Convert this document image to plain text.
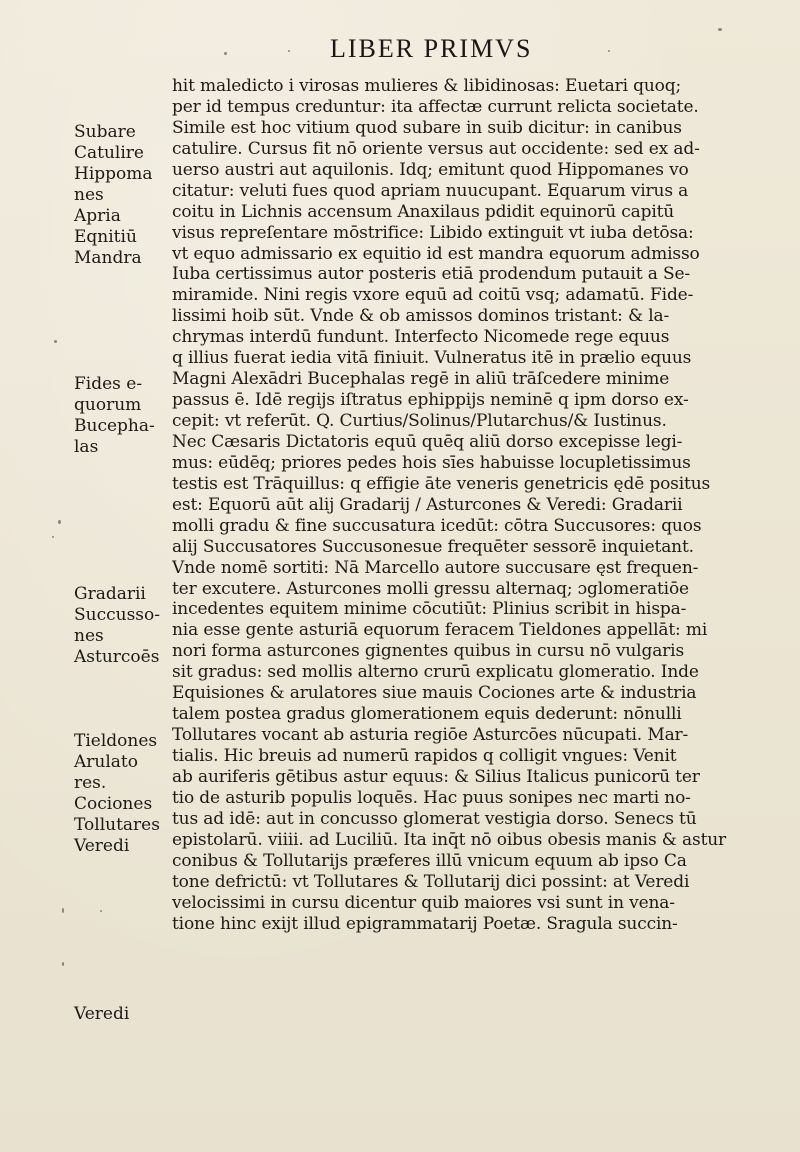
LIBER PRIMVS
hit maledicto i virosas mulieres & libidinosas: Euetari quoq;
per id tempus creduntur: ita affectæ currunt relicta societate.
Simile est hoc vitium quod subare in suib dicitur: in canibus
catulire. Cursus fit nō oriente versus aut occidente: sed ex ad-
uerso austri aut aquilonis. Idq; emitunt quod Hippomanes vo
citatur: veluti fues quod apriam nuucupant. Equarum virus a
coitu in Lichnis accensum Anaxilaus pdidit equinorū capitū
visus repreſentare mōstrifice: Libido extinguit vt iuba detōsa:
vt equo admissario ex equitio id est mandra equorum admisso
Iuba certissimus autor posteris etiā prodendum putauit a Se-
miramide. Nini regis vxore equū ad coitū vsq; adamatū. Fide-
lissimi hoib sūt. Vnde & ob amissos dominos tristant: & la-
chrymas interdū fundunt. Interfecto Nicomede rege equus
q illius fuerat iedia vitā finiuit. Vulneratus itē in prælio equus
Magni Alexādri Bucephalas regē in aliū trāſcedere minime
passus ē. Idē regijs iſtratus ephippijs neminē q ipm dorso ex-
cepit: vt referūt. Q. Curtius/Solinus/Plutarchus/& Iustinus.
Nec Cæsaris Dictatoris equū quēq aliū dorso excepisse legi-
mus: eūdēq; priores pedes hois sīes habuisse locupletissimus
testis est Trāquillus: q effigie āte veneris genetricis ędē positus
est: Equorū aūt alij Gradarij / Asturcones & Veredi: Gradarii
molli gradu & fine succusatura icedūt: cōtra Succusores: quos
alij Succusatores Succusonesue frequēter sessorē inquietant.
Vnde nomē sortiti: Nā Marcello autore succusare ęst frequen-
ter excutere. Asturcones molli gressu alternaq; ɔglomeratiōe
incedentes equitem minime cōcutiūt: Plinius scribit in hispa-
nia esse gente asturiā equorum feracem Tieldones appellāt: mi
nori forma asturcones gignentes quibus in cursu nō vulgaris
sit gradus: sed mollis alterno crurū explicatu glomeratio. Inde
Equisiones & arulatores siue mauis Cociones arte & industria
talem postea gradus glomerationem equis dederunt: nōnulli
Tollutares vocant ab asturia regiōe Asturcōes nūcupati. Mar-
tialis. Hic breuis ad numerū rapidos q colligit vngues: Venit
ab auriferis gētibus astur equus: & Silius Italicus punicorū ter
tio de asturib populis loquēs. Hac puus sonipes nec marti no-
tus ad idē: aut in concusso glomerat vestigia dorso. Senecs tū
epistolarū. viiii. ad Luciliū. Ita inq̄t nō oibus obesis manis & astur
conibus & Tollutarijs præferes illū vnicum equum ab ipso Ca
tone defrictū: vt Tollutares & Tollutarij dici possint: at Veredi
velocissimi in cursu dicentur quib maiores vsi sunt in vena-
tione hinc exijt illud epigrammatarij Poetæ. Sragula succin-
Subare
Catulire
Hippoma
nes
Apria
Eqnitiū
Mandra
Fides e-
quorum
Bucepha-
las
Gradarii
Succusso-
nes
Asturcoēs
Tieldones
Arulato
res.
Cociones
Tollutares
Veredi
Veredi
